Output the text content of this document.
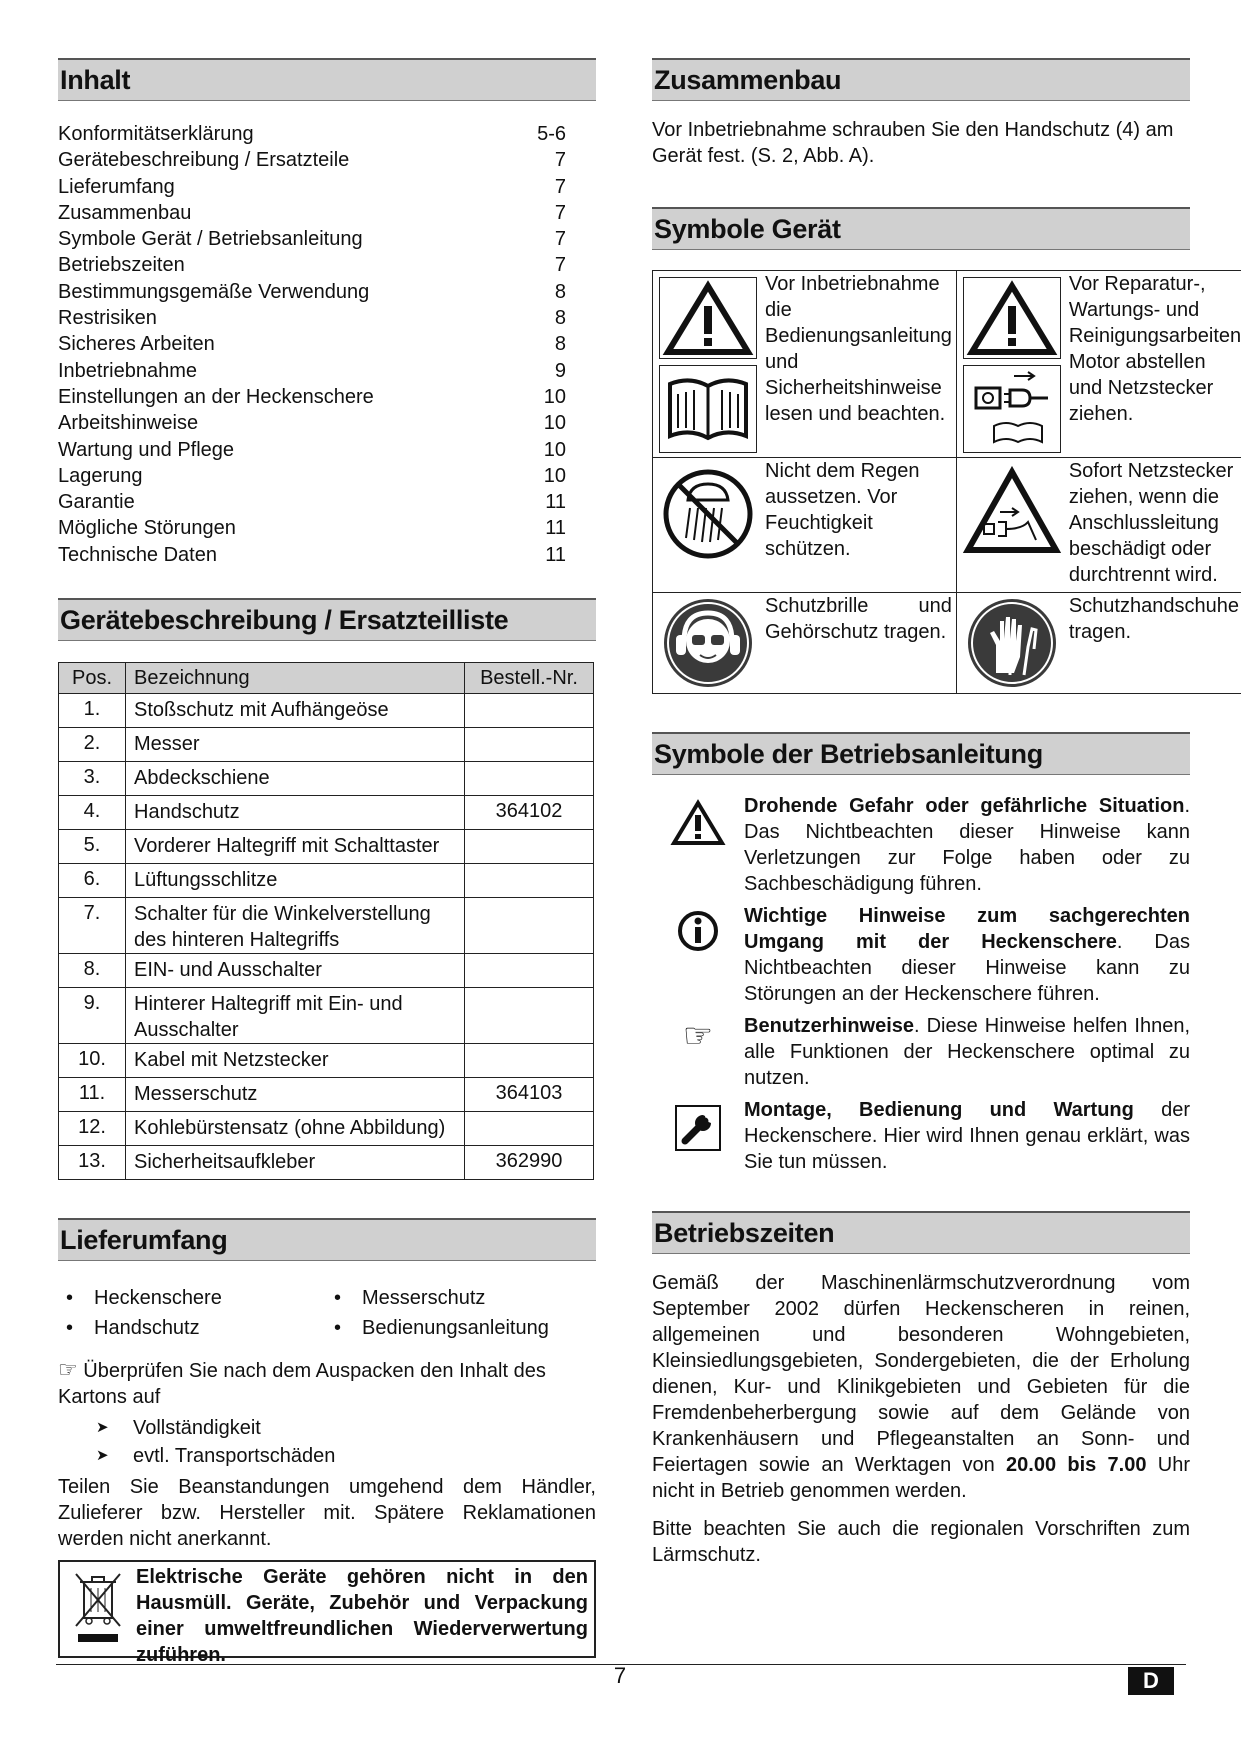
Inhalt
Konformitätserklärung	5-6
Gerätebeschreibung / Ersatzteile	7
Lieferumfang	7
Zusammenbau	7
Symbole Gerät / Betriebsanleitung	7
Betriebszeiten	7
Bestimmungsgemäße Verwendung	8
Restrisiken	8
Sicheres Arbeiten	8
Inbetriebnahme	9
Einstellungen an der Heckenschere	10
Arbeitshinweise	10
Wartung und Pflege	10
Lagerung	10
Garantie	11
Mögliche Störungen	11
Technische Daten	11
Gerätebeschreibung / Ersatzteilliste
Pos.	Bezeichnung	Bestell.-Nr.
1.	Stoßschutz mit Aufhängeöse	
2.	Messer	
3.	Abdeckschiene	
4.	Handschutz	364102
5.	Vorderer Haltegriff mit Schalttaster	
6.	Lüftungsschlitze	
7.	Schalter für die Winkelverstellung des hinteren Haltegriffs	
8.	EIN- und Ausschalter	
9.	Hinterer Haltegriff mit Ein- und Ausschalter	
10.	Kabel mit Netzstecker	
11.	Messerschutz	364103
12.	Kohlebürstensatz (ohne Abbildung)	
13.	Sicherheitsaufkleber	362990
Lieferumfang
• Heckenschere
• Handschutz
• Messerschutz
• Bedienungsanleitung

☞ Überprüfen Sie nach dem Auspacken den Inhalt des Kartons auf

➤ Vollständigkeit
➤ evtl. Transportschäden

Teilen Sie Beanstandungen umgehend dem Händler, Zulieferer bzw. Hersteller mit. Spätere Reklamationen werden nicht anerkannt.

Elektrische Geräte gehören nicht in den Hausmüll. Geräte, Zubehör und Verpackung einer umweltfreundlichen Wiederverwertung zuführen.
Zusammenbau

Vor Inbetriebnahme schrauben Sie den Handschutz (4) am Gerät fest. (S. 2, Abb. A).

Symbole Gerät
Vor Inbetriebnahme die Bedienungsanleitung und Sicherheitshinweise lesen und beachten.	Vor Reparatur-, Wartungs- und Reinigungsarbeiten Motor abstellen und Netzstecker ziehen.

Nicht dem Regen aussetzen. Vor Feuchtigkeit schützen.	Sofort Netzstecker ziehen, wenn die Anschlussleitung beschädigt oder durchtrennt wird.

Schutzbrille und Gehörschutz tragen.	Schutzhandschuhe tragen.
Symbole der Betriebsanleitung
Drohende Gefahr oder gefährliche Situation. Das Nichtbeachten dieser Hinweise kann Verletzungen zur Folge haben oder zu Sachbeschädigung führen.
Wichtige Hinweise zum sachgerechten Umgang mit der Heckenschere. Das Nichtbeachten dieser Hinweise kann zu Störungen an der Heckenschere führen.
☞ Benutzerhinweise. Diese Hinweise helfen Ihnen, alle Funktionen der Heckenschere optimal zu nutzen.
Montage, Bedienung und Wartung der Heckenschere. Hier wird Ihnen genau erklärt, was Sie tun müssen.
Betriebszeiten

Gemäß der Maschinenlärmschutzverordnung vom September 2002 dürfen Heckenscheren in reinen, allgemeinen und besonderen Wohngebieten, Kleinsiedlungsgebieten, Sondergebieten, die der Erholung dienen, Kur- und Klinikgebieten und Gebieten für die Fremdenbeherbergung sowie auf dem Gelände von Krankenhäusern und Pflegeanstalten an Sonn- und Feiertagen sowie an Werktagen von 20.00 bis 7.00 Uhr nicht in Betrieb genommen werden.

Bitte beachten Sie auch die regionalen Vorschriften zum Lärmschutz.

7	D
